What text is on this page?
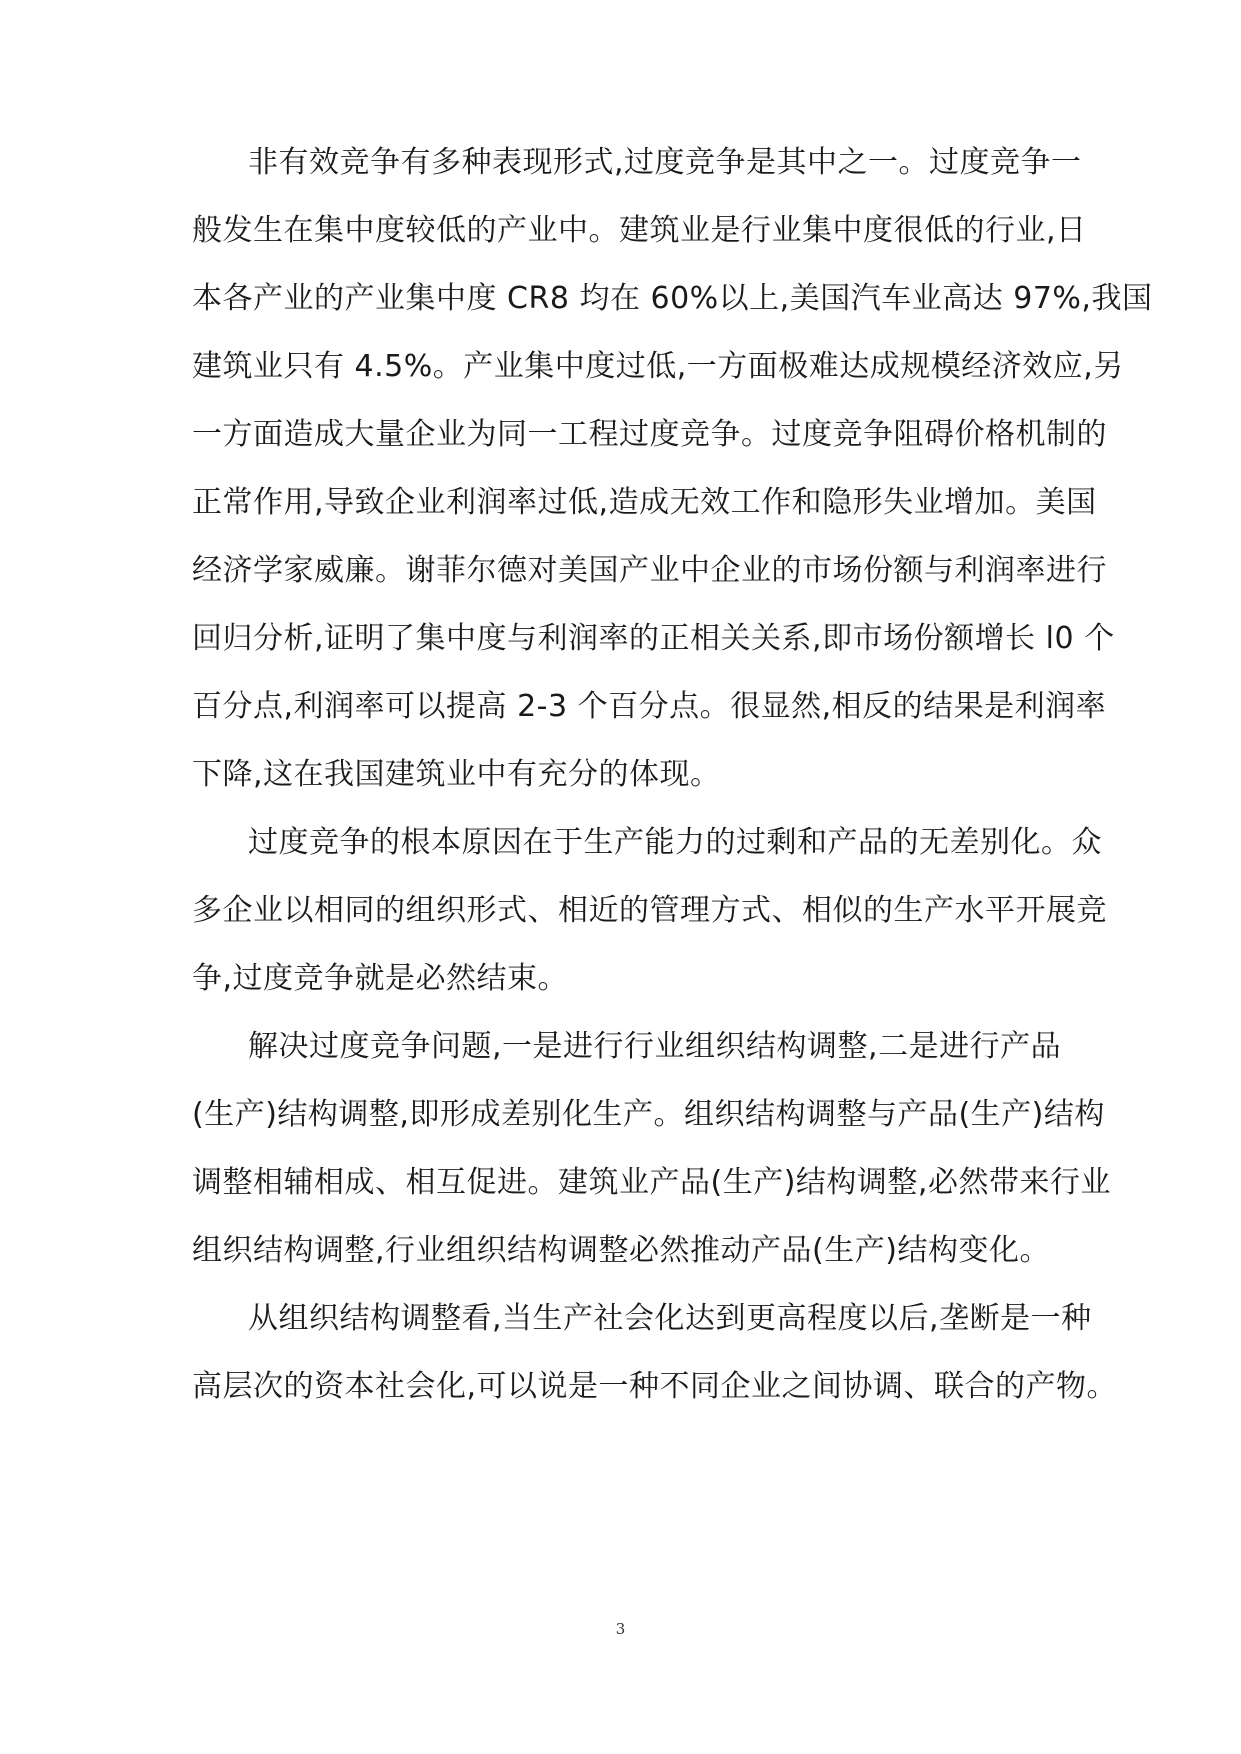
非有效竞争有多种表现形式,过度竞争是其中之一。过度竞争一
般发生在集中度较低的产业中。建筑业是行业集中度很低的行业,日
本各产业的产业集中度 CR8 均在 60%以上,美国汽车业高达 97%,我国
建筑业只有 4.5%。产业集中度过低,一方面极难达成规模经济效应,另
一方面造成大量企业为同一工程过度竞争。过度竞争阻碍价格机制的
正常作用,导致企业利润率过低,造成无效工作和隐形失业增加。美国
经济学家威廉。谢菲尔德对美国产业中企业的市场份额与利润率进行
回归分析,证明了集中度与利润率的正相关关系,即市场份额增长 l0 个
百分点,利润率可以提高 2-3 个百分点。很显然,相反的结果是利润率
下降,这在我国建筑业中有充分的体现。
过度竞争的根本原因在于生产能力的过剩和产品的无差别化。众
多企业以相同的组织形式、相近的管理方式、相似的生产水平开展竞
争,过度竞争就是必然结束。
解决过度竞争问题,一是进行行业组织结构调整,二是进行产品
(生产)结构调整,即形成差别化生产。组织结构调整与产品(生产)结构
调整相辅相成、相互促进。建筑业产品(生产)结构调整,必然带来行业
组织结构调整,行业组织结构调整必然推动产品(生产)结构变化。
从组织结构调整看,当生产社会化达到更高程度以后,垄断是一种
高层次的资本社会化,可以说是一种不同企业之间协调、联合的产物。
3
